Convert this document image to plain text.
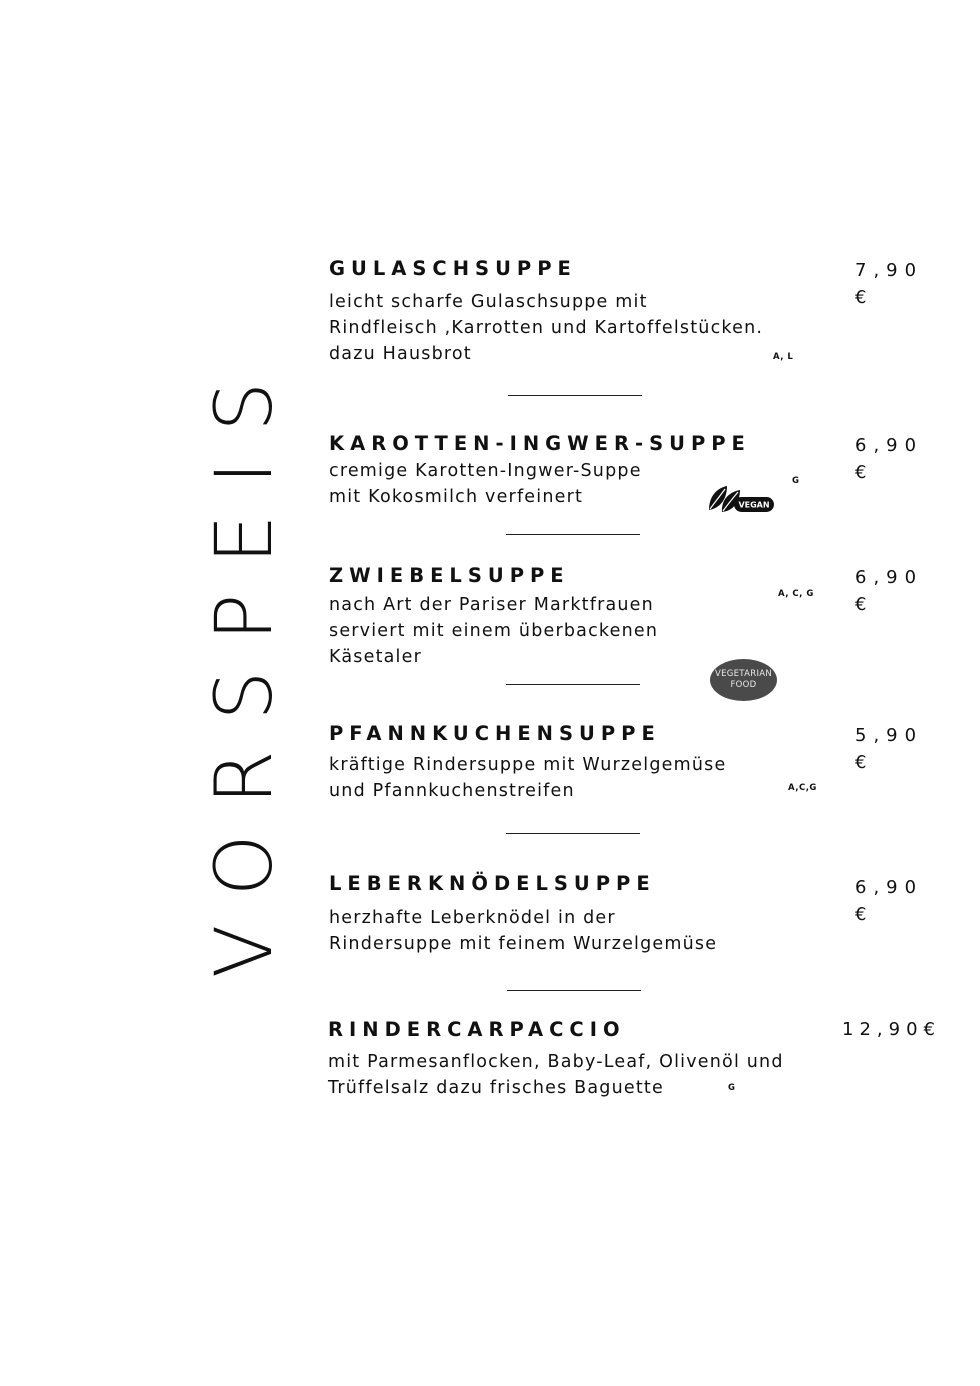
VORSPEIS
GULASCHSUPPE
leicht scharfe Gulaschsuppe mit
Rindfleisch ,Karrotten und Kartoffelstücken.
dazu Hausbrot
7,90
€
A, L
KAROTTEN-INGWER-SUPPE
cremige Karotten-Ingwer-Suppe
mit Kokosmilch verfeinert
6,90
€
G
VEGAN
ZWIEBELSUPPE
nach Art der Pariser Marktfrauen
serviert mit einem überbackenen
Käsetaler
6,90
€
A, C, G
VEGETARIAN
FOOD
PFANNKUCHENSUPPE
kräftige Rindersuppe mit Wurzelgemüse
und Pfannkuchenstreifen
5,90
€
A,C,G
LEBERKNÖDELSUPPE
herzhafte Leberknödel in der
Rindersuppe mit feinem Wurzelgemüse
6,90
€
RINDERCARPACCIO
mit Parmesanflocken, Baby-Leaf, Olivenöl und
Trüffelsalz dazu frisches Baguette
12,90€
G
